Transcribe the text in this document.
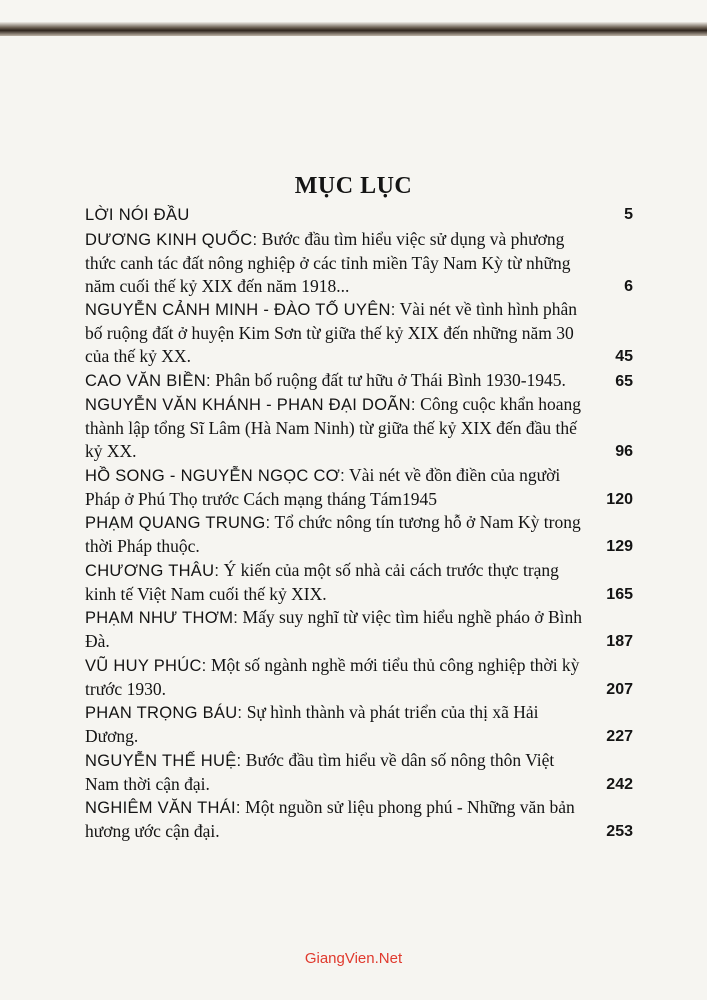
MỤC LỤC
LỜI NÓI ĐẦU	5
DƯƠNG KINH QUỐC: Bước đầu tìm hiểu việc sử dụng và phương thức canh tác đất nông nghiệp ở các tỉnh miền Tây Nam Kỳ từ những năm cuối thế kỷ XIX đến năm 1918...	6
NGUYỄN CẢNH MINH - ĐÀO TỐ UYÊN: Vài nét về tình hình phân bố ruộng đất ở huyện Kim Sơn từ giữa thế kỷ XIX đến những năm 30 của thế kỷ XX.	45
CAO VĂN BIỀN: Phân bố ruộng đất tư hữu ở Thái Bình 1930-1945.	65
NGUYỄN VĂN KHÁNH - PHAN ĐẠI DOÃN: Công cuộc khẩn hoang thành lập tổng Sĩ Lâm (Hà Nam Ninh) từ giữa thế kỷ XIX đến đầu thế kỷ XX.	96
HỒ SONG - NGUYỄN NGỌC CƠ: Vài nét về đồn điền của người Pháp ở Phú Thọ trước Cách mạng tháng Tám1945	120
PHẠM QUANG TRUNG: Tổ chức nông tín tương hỗ ở Nam Kỳ trong thời Pháp thuộc.	129
CHƯƠNG THÂU: Ý kiến của một số nhà cải cách trước thực trạng kinh tế Việt Nam cuối thế kỷ XIX.	165
PHẠM NHƯ THƠM: Mấy suy nghĩ từ việc tìm hiểu nghề pháo ở Bình Đà.	187
VŨ HUY PHÚC: Một số ngành nghề mới tiểu thủ công nghiệp thời kỳ trước 1930.	207
PHAN TRỌNG BÁU: Sự hình thành và phát triển của thị xã Hải Dương.	227
NGUYỄN THẾ HUỆ: Bước đầu tìm hiểu về dân số nông thôn Việt Nam thời cận đại.	242
NGHIÊM VĂN THÁI: Một nguồn sử liệu phong phú - Những văn bản hương ước cận đại.	253
GiangVien.Net
